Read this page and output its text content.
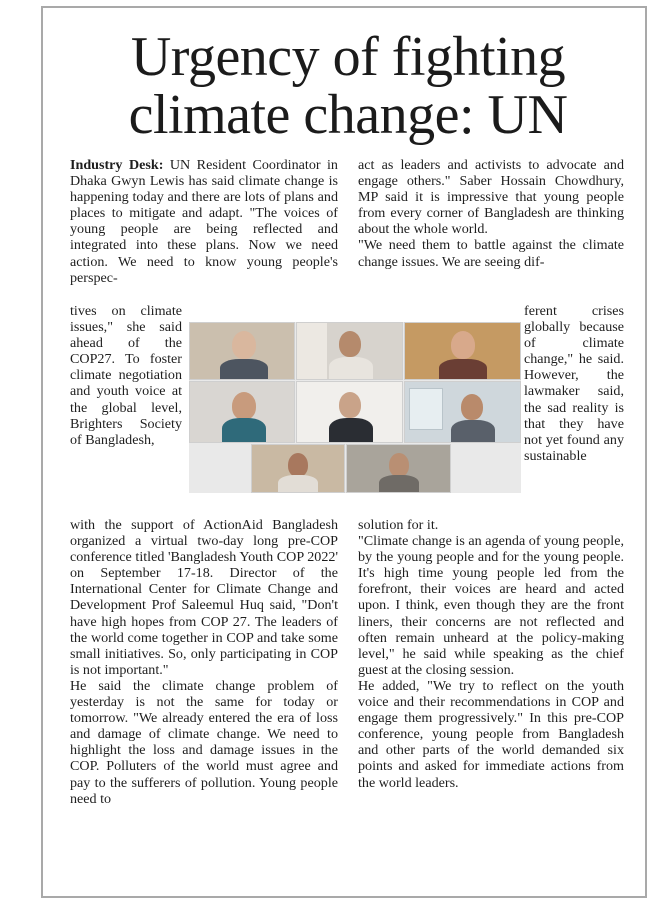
Urgency of fighting climate change: UN

Industry Desk: UN Resident Coordinator in Dhaka Gwyn Lewis has said climate change is happening today and there are lots of plans and places to mitigate and adapt. "The voices of young people are being reflected and integrated into these plans. Now we need action. We need to know young people's perspec-

tives on climate issues," she said ahead of the COP27. To foster climate negotiation and youth voice at the global level, Brighters Society of Bangladesh,

with the support of ActionAid Bangladesh organized a virtual two-day long pre-COP conference titled 'Bangladesh Youth COP 2022' on September 17-18. Director of the International Center for Climate Change and Development Prof Saleemul Huq said, "Don't have high hopes from COP 27. The leaders of the world come together in COP and take some small initiatives. So, only participating in COP is not important."

He said the climate change problem of yesterday is not the same for today or tomorrow. "We already entered the era of loss and damage of climate change. We need to highlight the loss and damage issues in the COP. Polluters of the world must agree and pay to the sufferers of pollution. Young people need to

act as leaders and activists to advocate and engage others." Saber Hossain Chowdhury, MP said it is impressive that young people from every corner of Bangladesh are thinking about the whole world.

"We need them to battle against the climate change issues. We are seeing dif-

ferent crises globally because of climate change," he said. However, the lawmaker said, the sad reality is that they have not yet found any sustainable

solution for it.

"Climate change is an agenda of young people, by the young people and for the young people. It's high time young people led from the forefront, their voices are heard and acted upon. I think, even though they are the front liners, their concerns are not reflected and often remain unheard at the policy-making level," he said while speaking as the chief guest at the closing session.

He added, "We try to reflect on the youth voice and their recommendations in COP and engage them progressively." In this pre-COP conference, young people from Bangladesh and other parts of the world demanded six points and asked for immediate actions from the world leaders.
